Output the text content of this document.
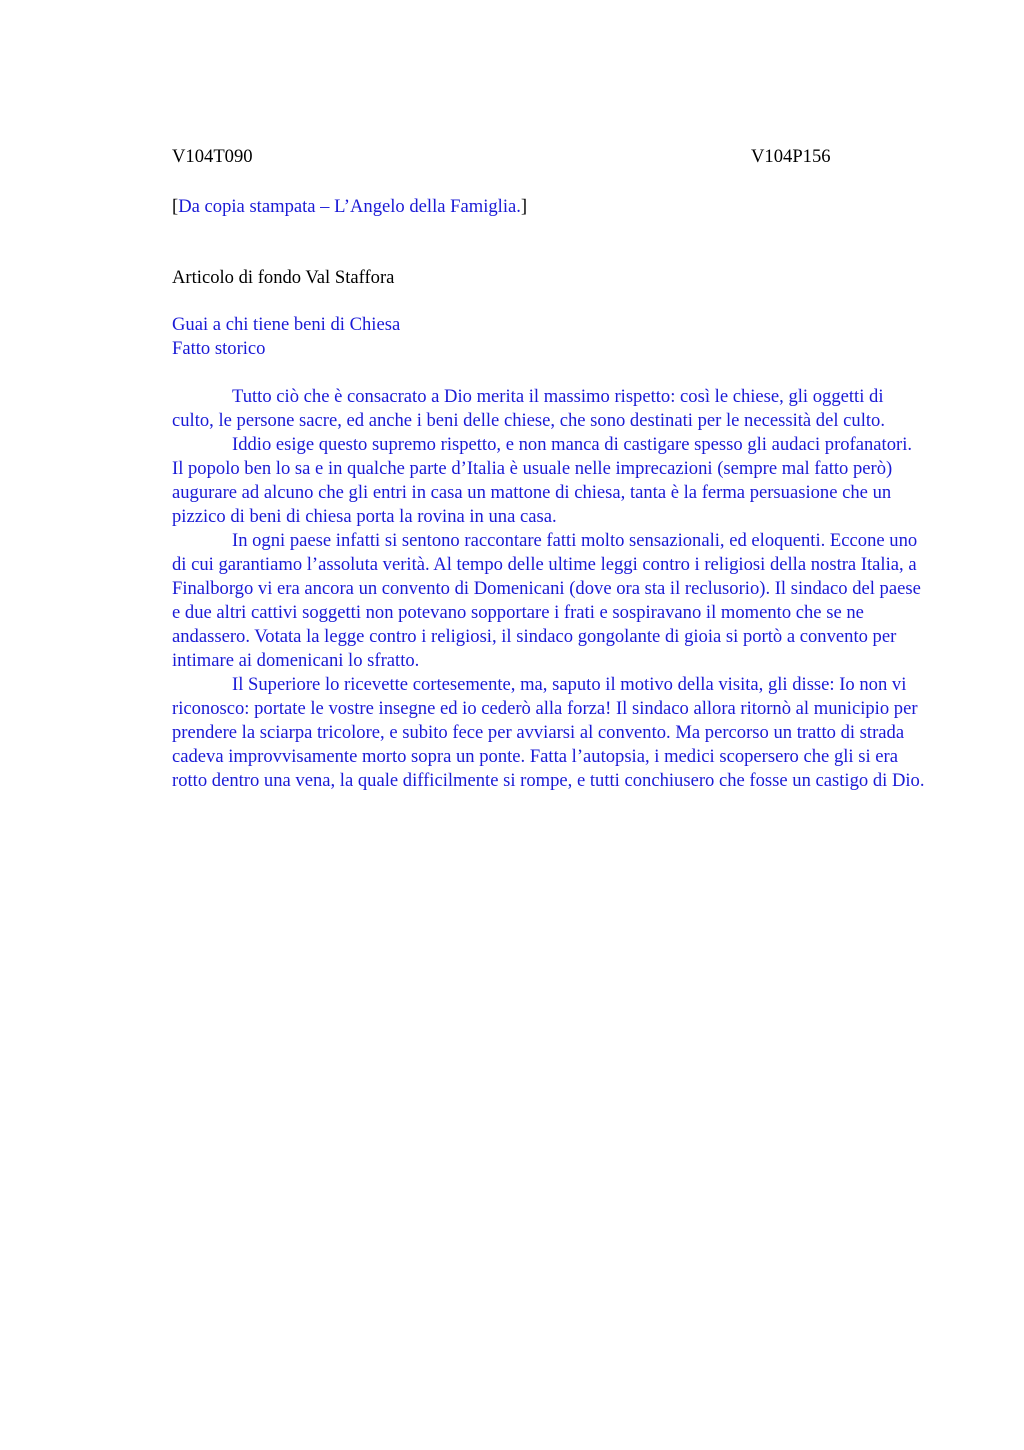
V104T090	V104P156
[Da copia stampata – L’Angelo della Famiglia.]
Articolo di fondo Val Staffora
Guai a chi tiene beni di Chiesa
Fatto storico

Tutto ciò che è consacrato a Dio merita il massimo rispetto: così le chiese, gli oggetti di culto, le persone sacre, ed anche i beni delle chiese, che sono destinati per le necessità del culto.

Iddio esige questo supremo rispetto, e non manca di castigare spesso gli audaci profanatori. Il popolo ben lo sa e in qualche parte d’Italia è usuale nelle imprecazioni (sempre mal fatto però) augurare ad alcuno che gli entri in casa un mattone di chiesa, tanta è la ferma persuasione che un pizzico di beni di chiesa porta la rovina in una casa.

In ogni paese infatti si sentono raccontare fatti molto sensazionali, ed eloquenti. Eccone uno di cui garantiamo l’assoluta verità. Al tempo delle ultime leggi contro i religiosi della nostra Italia, a Finalborgo vi era ancora un convento di Domenicani (dove ora sta il reclusorio). Il sindaco del paese e due altri cattivi soggetti non potevano sopportare i frati e sospiravano il momento che se ne andassero. Votata la legge contro i religiosi, il sindaco gongolante di gioia si portò a convento per intimare ai domenicani lo sfratto.

Il Superiore lo ricevette cortesemente, ma, saputo il motivo della visita, gli disse: Io non vi riconosco: portate le vostre insegne ed io cederò alla forza! Il sindaco allora ritornò al municipio per prendere la sciarpa tricolore, e subito fece per avviarsi al convento. Ma percorso un tratto di strada cadeva improvvisamente morto sopra un ponte. Fatta l’autopsia, i medici scopersero che gli si era rotto dentro una vena, la quale difficilmente si rompe, e tutti conchiusero che fosse un castigo di Dio.
